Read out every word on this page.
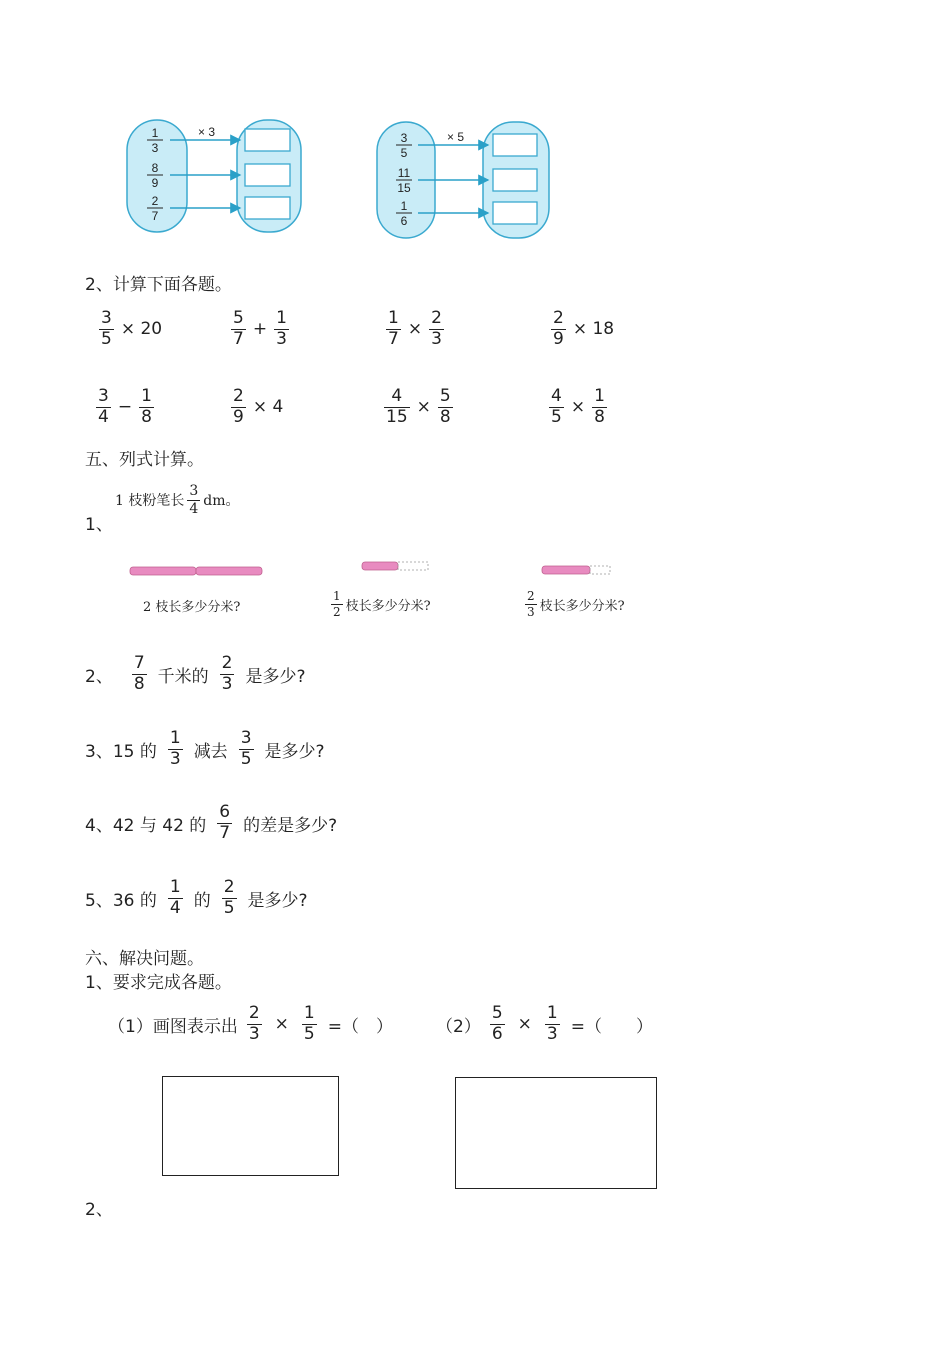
× 3
1
3
8
9
2
7
× 5
3
5
11
15
1
6
2、计算下面各题。
$\frac{3}{5} \times 20$	$\frac{5}{7} + \frac{1}{3}$	$\frac{1}{7} \times \frac{2}{3}$	$\frac{2}{9} \times 18$
$\frac{3}{4} - \frac{1}{8}$	$\frac{2}{9} \times 4$	$\frac{4}{15} \times \frac{5}{8}$	$\frac{4}{5} \times \frac{1}{8}$
五、列式计算。
1、
1 枝粉笔长 $\frac{3}{4}$ dm。
2 枝长多少分米?	$\frac{1}{2}$ 枝长多少分米?	$\frac{2}{3}$ 枝长多少分米?
2、 $\frac{7}{8}$ 千米的 $\frac{2}{3}$ 是多少?
3、15 的 $\frac{1}{3}$ 减去 $\frac{3}{5}$ 是多少?
4、42 与 42 的 $\frac{6}{7}$ 的差是多少?
5、36 的 $\frac{1}{4}$ 的 $\frac{2}{5}$ 是多少?
六、解决问题。
1、要求完成各题。
（1）画图表示出 $\frac{2}{3} \times \frac{1}{5}$ =（　）	$(2) \frac{5}{6} \times \frac{1}{3}$ =（　　）
2、
